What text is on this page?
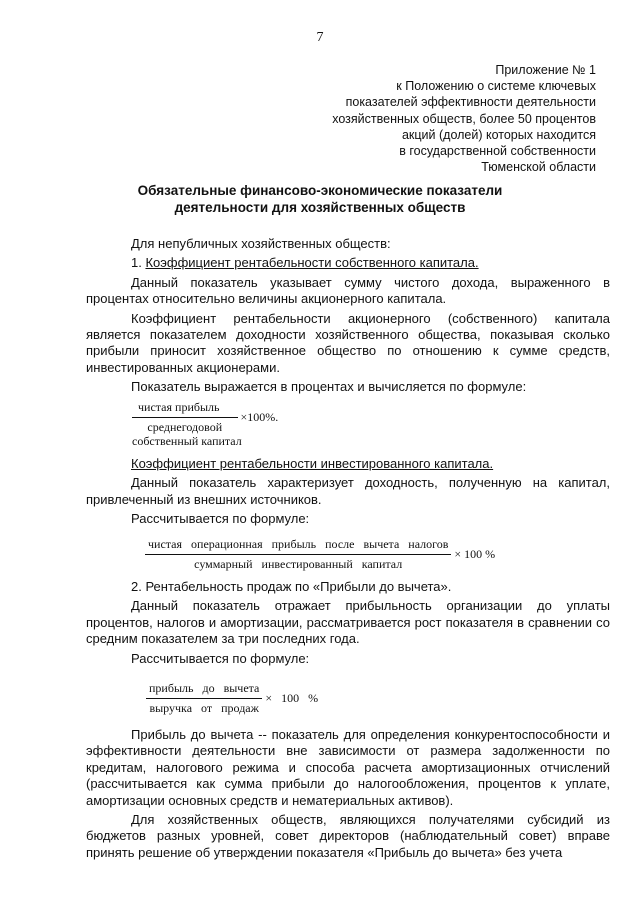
7
Приложение № 1
к Положению о системе ключевых
показателей эффективности деятельности
хозяйственных обществ, более 50 процентов
акций (долей) которых находится
в государственной собственности
Тюменской области
Обязательные финансово-экономические показатели
деятельности для хозяйственных обществ

Для непубличных хозяйственных обществ:

1. Коэффициент рентабельности собственного капитала.

Данный показатель указывает сумму чистого дохода, выраженного в процентах относительно величины акционерного капитала.

Коэффициент рентабельности акционерного (собственного) капитала является показателем доходности хозяйственного общества, показывая сколько прибыли приносит хозяйственное общество по отношению к сумме средств, инвестированных акционерами.

Показатель выражается в процентах и вычисляется по формуле:

$\frac{\text{чистая прибыль}}{\text{среднегодовой}} \times 100\%$.
собственный капитал

Коэффициент рентабельности инвестированного капитала.

Данный показатель характеризует доходность, полученную на капитал, привлеченный из внешних источников.

Рассчитывается по формуле:

$\frac{\text{чистая операционная прибыль после вычета налогов}}{\text{суммарный инвестированный капитал}} \times 100$ %

2. Рентабельность продаж по «Прибыли до вычета».

Данный показатель отражает прибыльность организации до уплаты процентов, налогов и амортизации, рассматривается рост показателя в сравнении со средним показателем за три последних года.

Рассчитывается по формуле:

$\frac{\text{прибыль до вычета}}{\text{выручка от продаж}} \times 100$ %

Прибыль до вычета -- показатель для определения конкурентоспособности и эффективности деятельности вне зависимости от размера задолженности по кредитам, налогового режима и способа расчета амортизационных отчислений (рассчитывается как сумма прибыли до налогообложения, процентов к уплате, амортизации основных средств и нематериальных активов).

Для хозяйственных обществ, являющихся получателями субсидий из бюджетов разных уровней, совет директоров (наблюдательный совет) вправе принять решение об утверждении показателя «Прибыль до вычета» без учета
